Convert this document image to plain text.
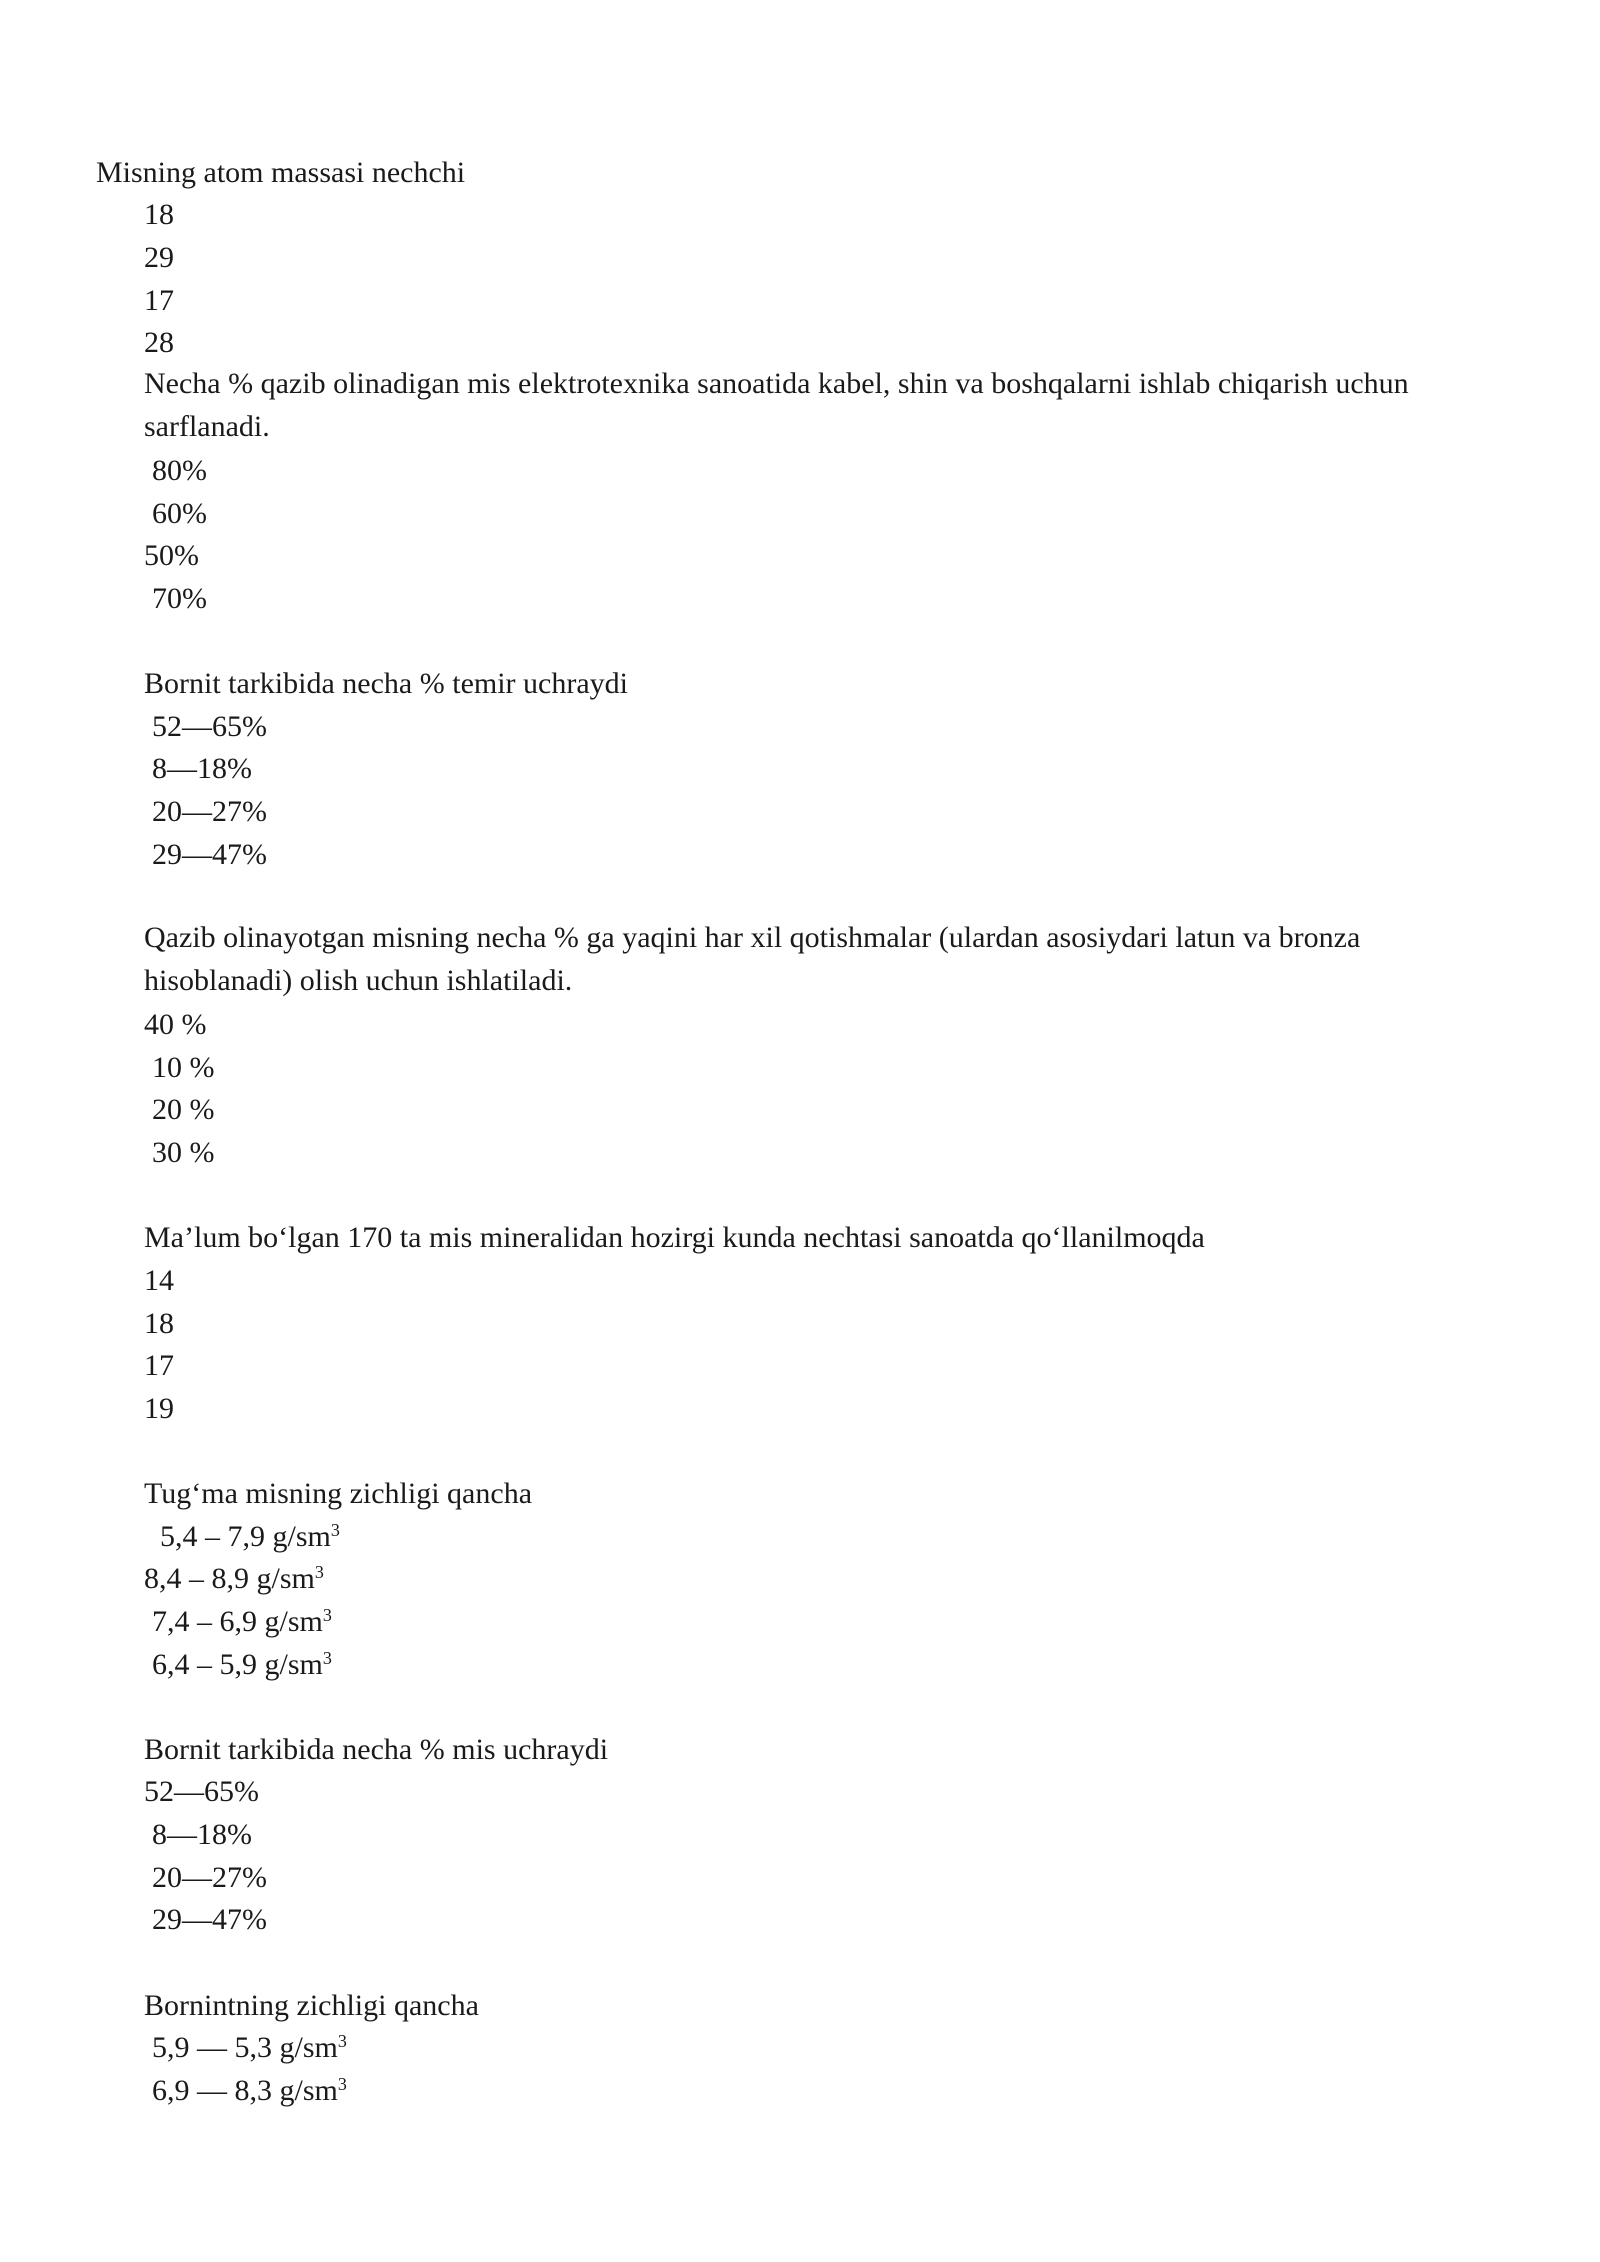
Misning atom massasi nechchi
18
29
17
28
Necha % qazib olinadigan mis elektrotexnika sanoatida kabel, shin va boshqalarni ishlab chiqarish uchun sarflanadi.
80%
60%
50%
70%
Bornit tarkibida necha % temir uchraydi
52—65%
8—18%
20—27%
29—47%
Qazib olinayotgan misning necha % ga yaqini har xil qotishmalar (ulardan asosiydari latun va bronza hisoblanadi) olish uchun ishlatiladi.
40 %
10 %
20 %
30 %
Ma’lum bo‘lgan 170 ta mis mineralidan hozirgi kunda nechtasi sanoatda qo‘llanilmoqda
14
18
17
19
Tug‘ma misning zichligi qancha
5,4 – 7,9 $g/sm^3$
8,4 – 8,9 $g/sm^3$
7,4 – 6,9 $g/sm^3$
6,4 – 5,9 $g/sm^3$
Bornit tarkibida necha % mis uchraydi
52—65%
8—18%
20—27%
29—47%
Bornintning zichligi qancha
5,9 — 5,3 $g/sm^3$
6,9 — 8,3 $g/sm^3$
